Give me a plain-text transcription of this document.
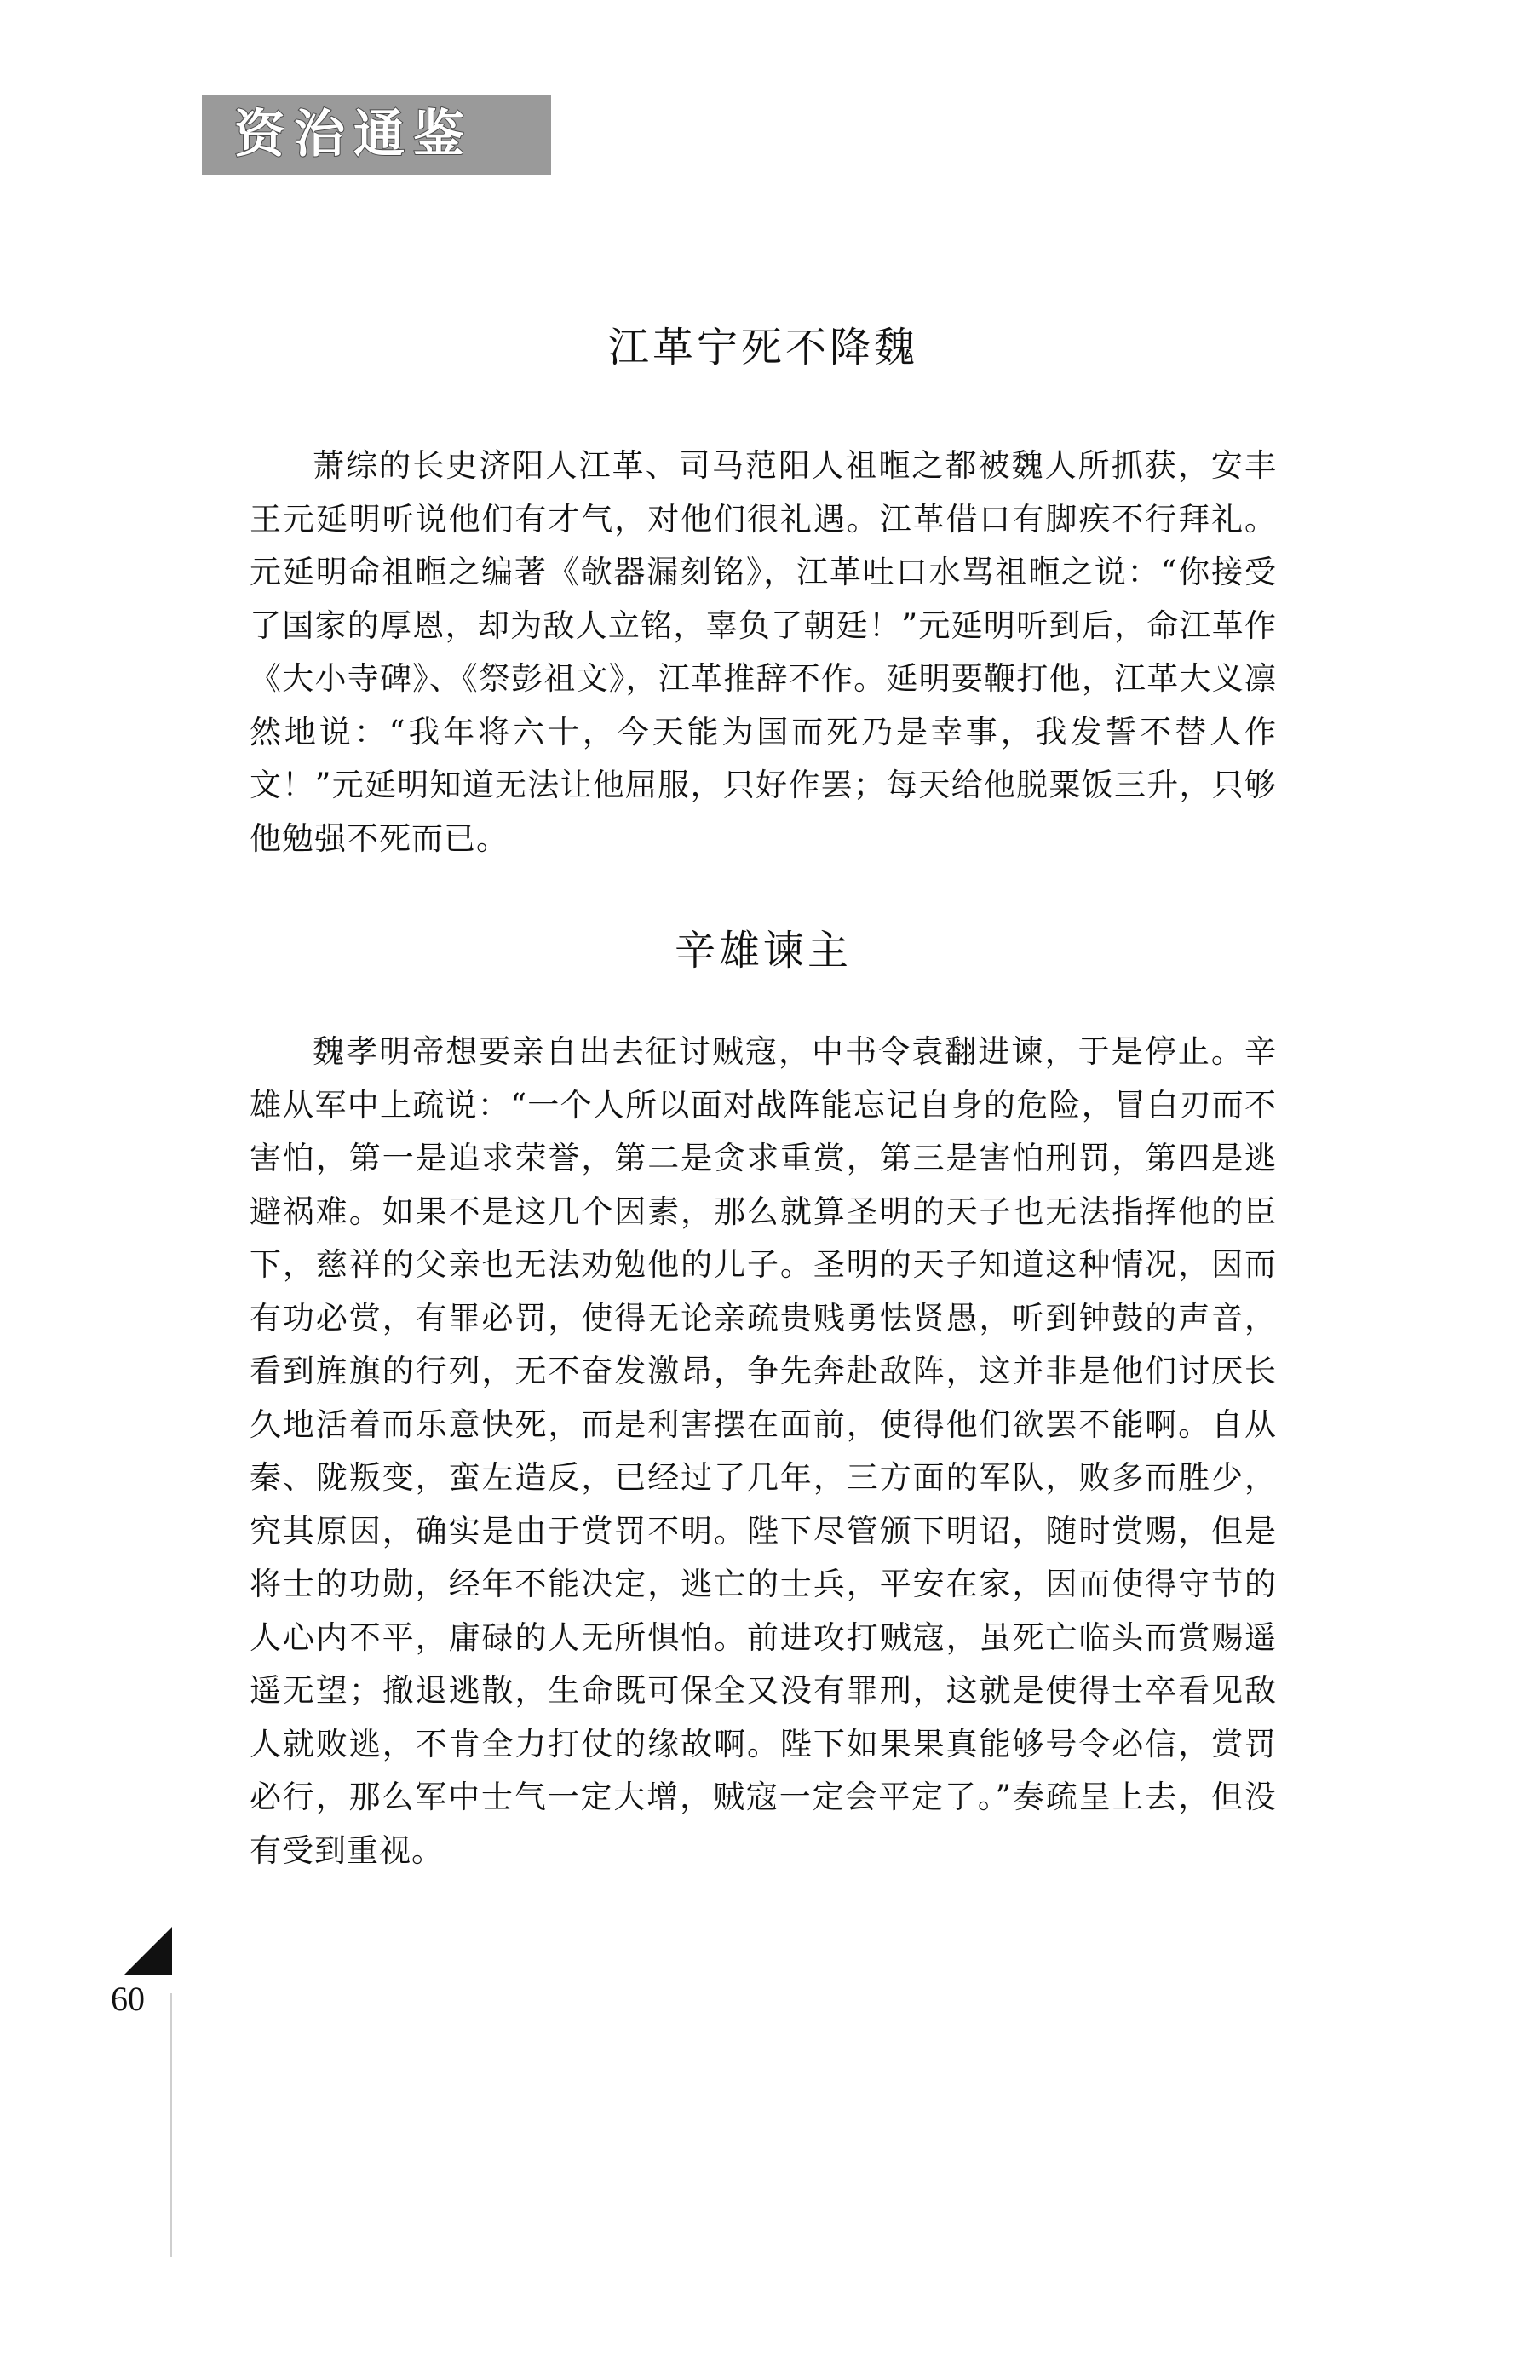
资治通鉴
江革宁死不降魏

萧综的长史济阳人江革、司马范阳人祖暅之都被魏人所抓获，安丰王元延明听说他们有才气，对他们很礼遇。江革借口有脚疾不行拜礼。元延明命祖暅之编著《欹器漏刻铭》，江革吐口水骂祖暅之说：“你接受了国家的厚恩，却为敌人立铭，辜负了朝廷！”元延明听到后，命江革作《大小寺碑》、《祭彭祖文》，江革推辞不作。延明要鞭打他，江革大义凛然地说：“我年将六十，今天能为国而死乃是幸事，我发誓不替人作文！”元延明知道无法让他屈服，只好作罢；每天给他脱粟饭三升，只够他勉强不死而已。

辛雄谏主

魏孝明帝想要亲自出去征讨贼寇，中书令袁翻进谏，于是停止。辛雄从军中上疏说：“一个人所以面对战阵能忘记自身的危险，冒白刃而不害怕，第一是追求荣誉，第二是贪求重赏，第三是害怕刑罚，第四是逃避祸难。如果不是这几个因素，那么就算圣明的天子也无法指挥他的臣下，慈祥的父亲也无法劝勉他的儿子。圣明的天子知道这种情况，因而有功必赏，有罪必罚，使得无论亲疏贵贱勇怯贤愚，听到钟鼓的声音，看到旌旗的行列，无不奋发激昂，争先奔赴敌阵，这并非是他们讨厌长久地活着而乐意快死，而是利害摆在面前，使得他们欲罢不能啊。自从秦、陇叛变，蛮左造反，已经过了几年，三方面的军队，败多而胜少，究其原因，确实是由于赏罚不明。陛下尽管颁下明诏，随时赏赐，但是将士的功勋，经年不能决定，逃亡的士兵，平安在家，因而使得守节的人心内不平，庸碌的人无所惧怕。前进攻打贼寇，虽死亡临头而赏赐遥遥无望；撤退逃散，生命既可保全又没有罪刑，这就是使得士卒看见敌人就败逃，不肯全力打仗的缘故啊。陛下如果果真能够号令必信，赏罚必行，那么军中士气一定大增，贼寇一定会平定了。”奏疏呈上去，但没有受到重视。

60
